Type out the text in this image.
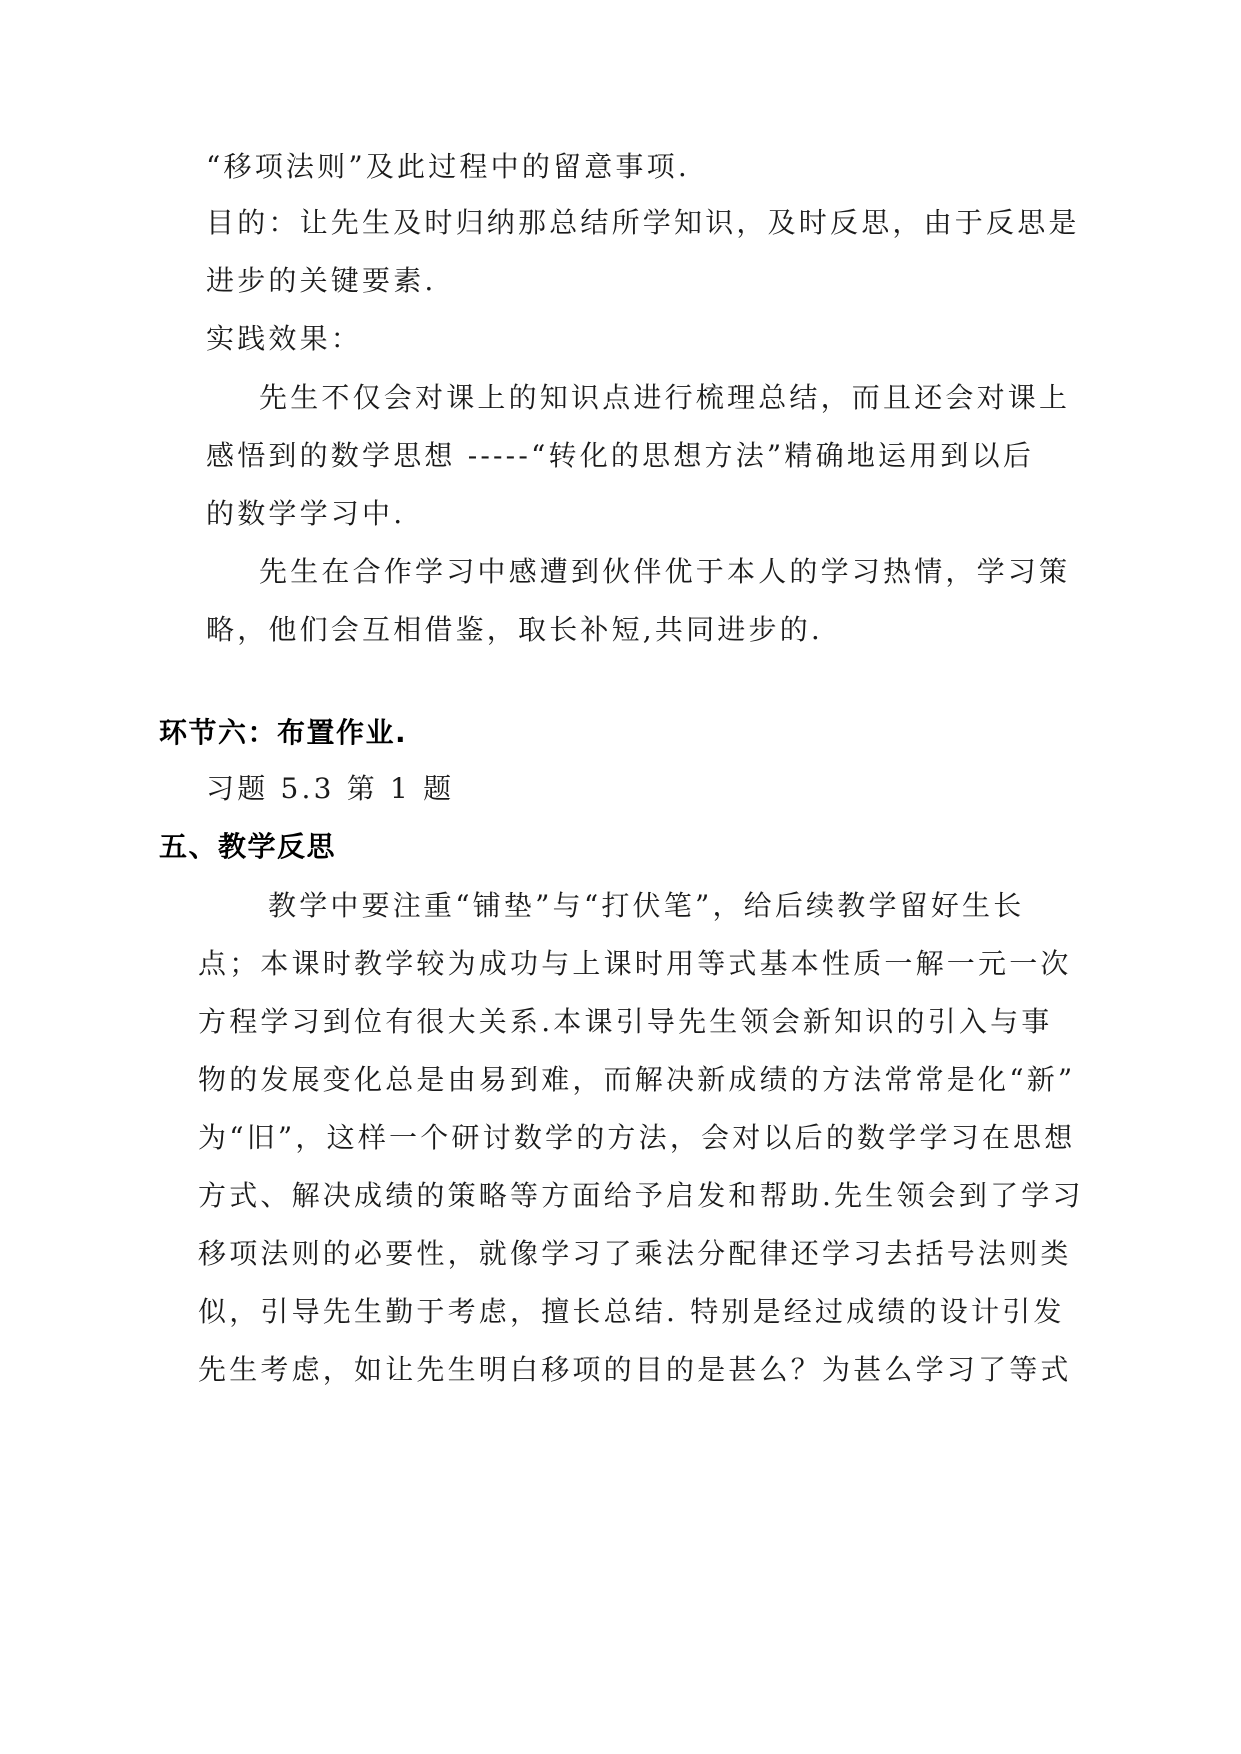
“移项法则”及此过程中的留意事项.
目的：让先生及时归纳那总结所学知识，及时反思，由于反思是
进步的关键要素.
实践效果：
先生不仅会对课上的知识点进行梳理总结，而且还会对课上
感悟到的数学思想 -----“转化的思想方法”精确地运用到以后
的数学学习中.
先生在合作学习中感遭到伙伴优于本人的学习热情，学习策
略，他们会互相借鉴，取长补短,共同进步的.
环节六：布置作业.
习题 5.3 第 1 题
五、教学反思
教学中要注重“铺垫”与“打伏笔”，给后续教学留好生长
点；本课时教学较为成功与上课时用等式基本性质一解一元一次
方程学习到位有很大关系.本课引导先生领会新知识的引入与事
物的发展变化总是由易到难，而解决新成绩的方法常常是化“新”
为“旧”，这样一个研讨数学的方法，会对以后的数学学习在思想
方式、解决成绩的策略等方面给予启发和帮助.先生领会到了学习
移项法则的必要性，就像学习了乘法分配律还学习去括号法则类
似，引导先生勤于考虑，擅长总结. 特别是经过成绩的设计引发
先生考虑，如让先生明白移项的目的是甚么？为甚么学习了等式
